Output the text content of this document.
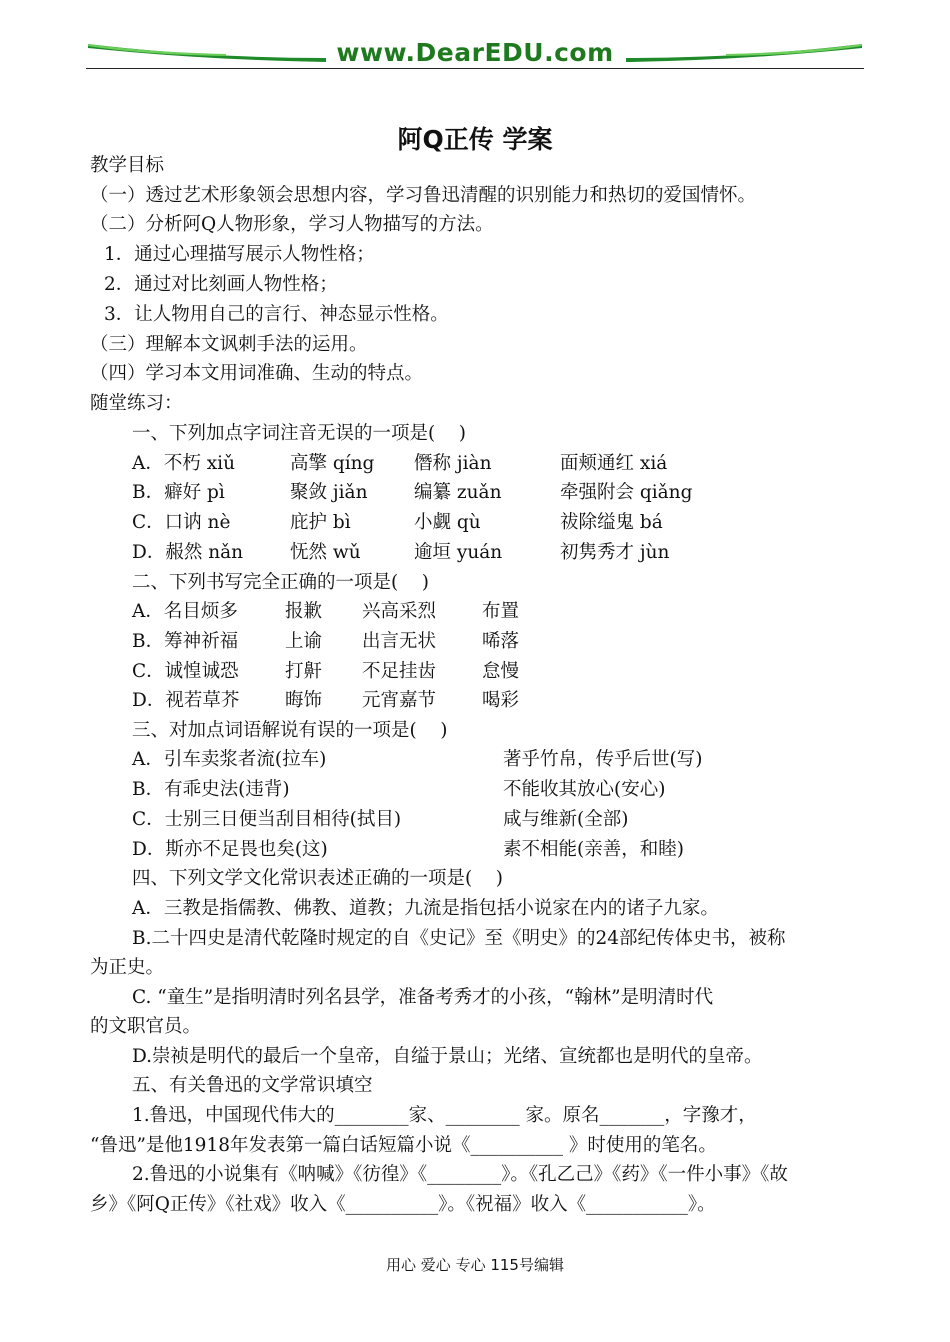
www.DearEDU.com
阿Q正传 学案
教学目标
（一）透过艺术形象领会思想内容，学习鲁迅清醒的识别能力和热切的爱国情怀。
（二）分析阿Q人物形象，学习人物描写的方法。
1．通过心理描写展示人物性格；
2．通过对比刻画人物性格；
3．让人物用自己的言行、神态显示性格。
（三）理解本文讽刺手法的运用。
（四）学习本文用词准确、生动的特点。
随堂练习：
一、下列加点字词注音无误的一项是(    )
A．不朽 xiǔ	高擎 qíng 僭称 jiàn	面颊通红 xiá
B．癖好 pì	聚敛 jiǎn	编纂 zuǎn	牵强附会 qiǎng
C．口讷 nè	庇护 bì	小觑 qù	祓除缢鬼 bá
D．赧然 nǎn	怃然 wǔ	逾垣 yuán	初隽秀才 jùn
二、下列书写完全正确的一项是(    )
A．名目烦多	报歉 兴高采烈 布置
B．筹神祈福	上谕 出言无状 唏落
C．诚惶诚恐	打鼾 不足挂齿 怠慢
D．视若草芥 晦饰 元宵嘉节 喝彩
三、对加点词语解说有误的一项是(    )
A．引车卖浆者流(拉车)	著乎竹帛，传乎后世(写)
B．有乖史法(违背)	不能收其放心(安心)
C．士别三日便当刮目相待(拭目)	咸与维新(全部)
D．斯亦不足畏也矣(这)	素不相能(亲善，和睦)
四、下列文学文化常识表述正确的一项是(    )
A．三教是指儒教、佛教、道教；九流是指包括小说家在内的诸子九家。
B.二十四史是清代乾隆时规定的自《史记》至《明史》的24部纪传体史书，被称
为正史。
C. “童生”是指明清时列名县学，准备考秀才的小孩，“翰林”是明清时代
的文职官员。
D.崇祯是明代的最后一个皇帝，自缢于景山；光绪、宣统都也是明代的皇帝。
五、有关鲁迅的文学常识填空
1.鲁迅，中国现代伟大的________家、________ 家。原名_______，字豫才，
“鲁迅”是他1918年发表第一篇白话短篇小说《__________ 》时使用的笔名。
2.鲁迅的小说集有《呐喊》《彷徨》《________》。《孔乙己》《药》《一件小事》《故
乡》《阿Q正传》《社戏》收入《__________》。《祝福》收入《___________》。
用心 爱心 专心 115号编辑
